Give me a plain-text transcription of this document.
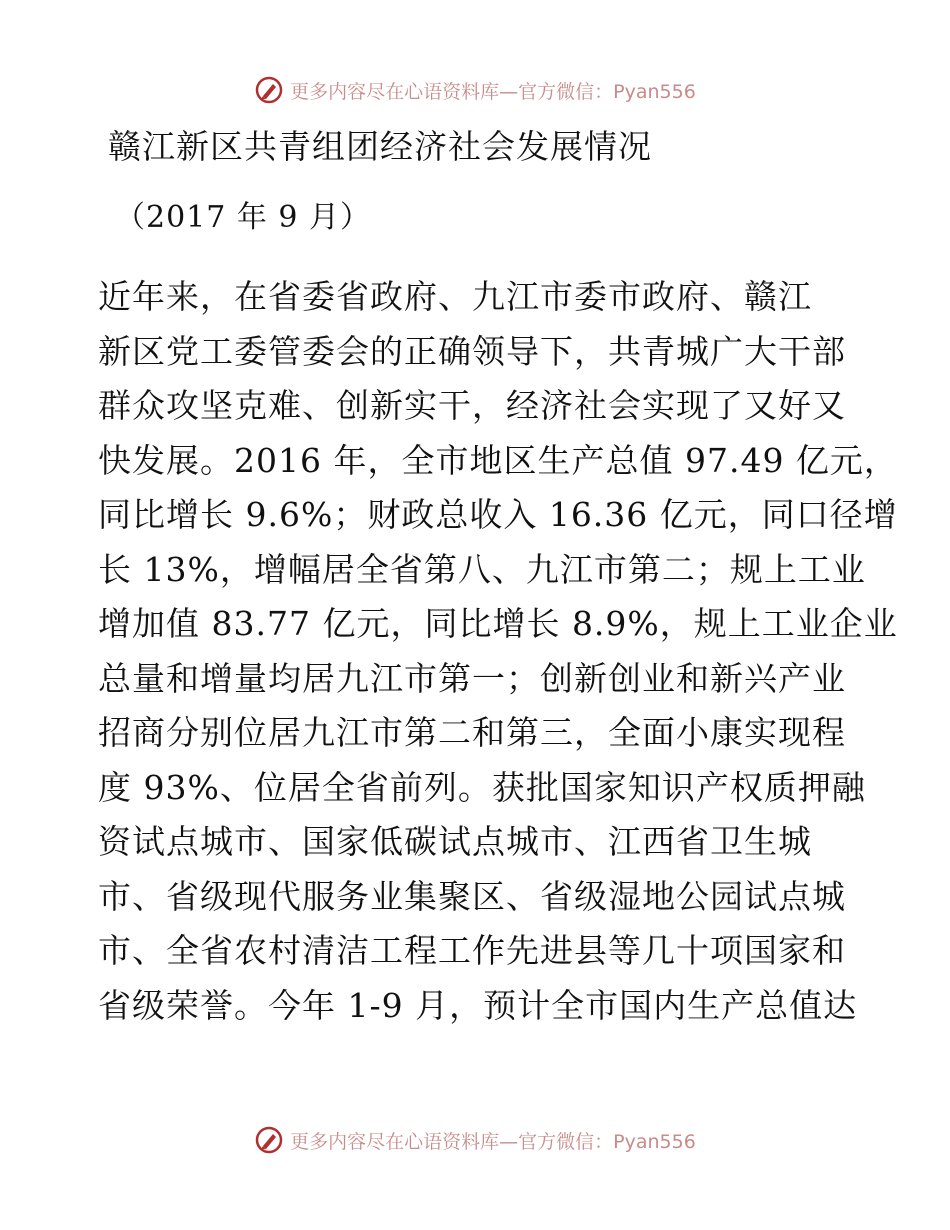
更多内容尽在心语资料库—官方微信：Pyan556
赣江新区共青组团经济社会发展情况
（2017 年 9 月）
近年来，在省委省政府、九江市委市政府、赣江
新区党工委管委会的正确领导下，共青城广大干部
群众攻坚克难、创新实干，经济社会实现了又好又
快发展。2016 年，全市地区生产总值 97.49 亿元，
同比增长 9.6%；财政总收入 16.36 亿元，同口径增
长 13%，增幅居全省第八、九江市第二；规上工业
增加值 83.77 亿元，同比增长 8.9%，规上工业企业
总量和增量均居九江市第一；创新创业和新兴产业
招商分别位居九江市第二和第三，全面小康实现程
度 93%、位居全省前列。获批国家知识产权质押融
资试点城市、国家低碳试点城市、江西省卫生城
市、省级现代服务业集聚区、省级湿地公园试点城
市、全省农村清洁工程工作先进县等几十项国家和
省级荣誉。今年 1-9 月，预计全市国内生产总值达
更多内容尽在心语资料库—官方微信：Pyan556
